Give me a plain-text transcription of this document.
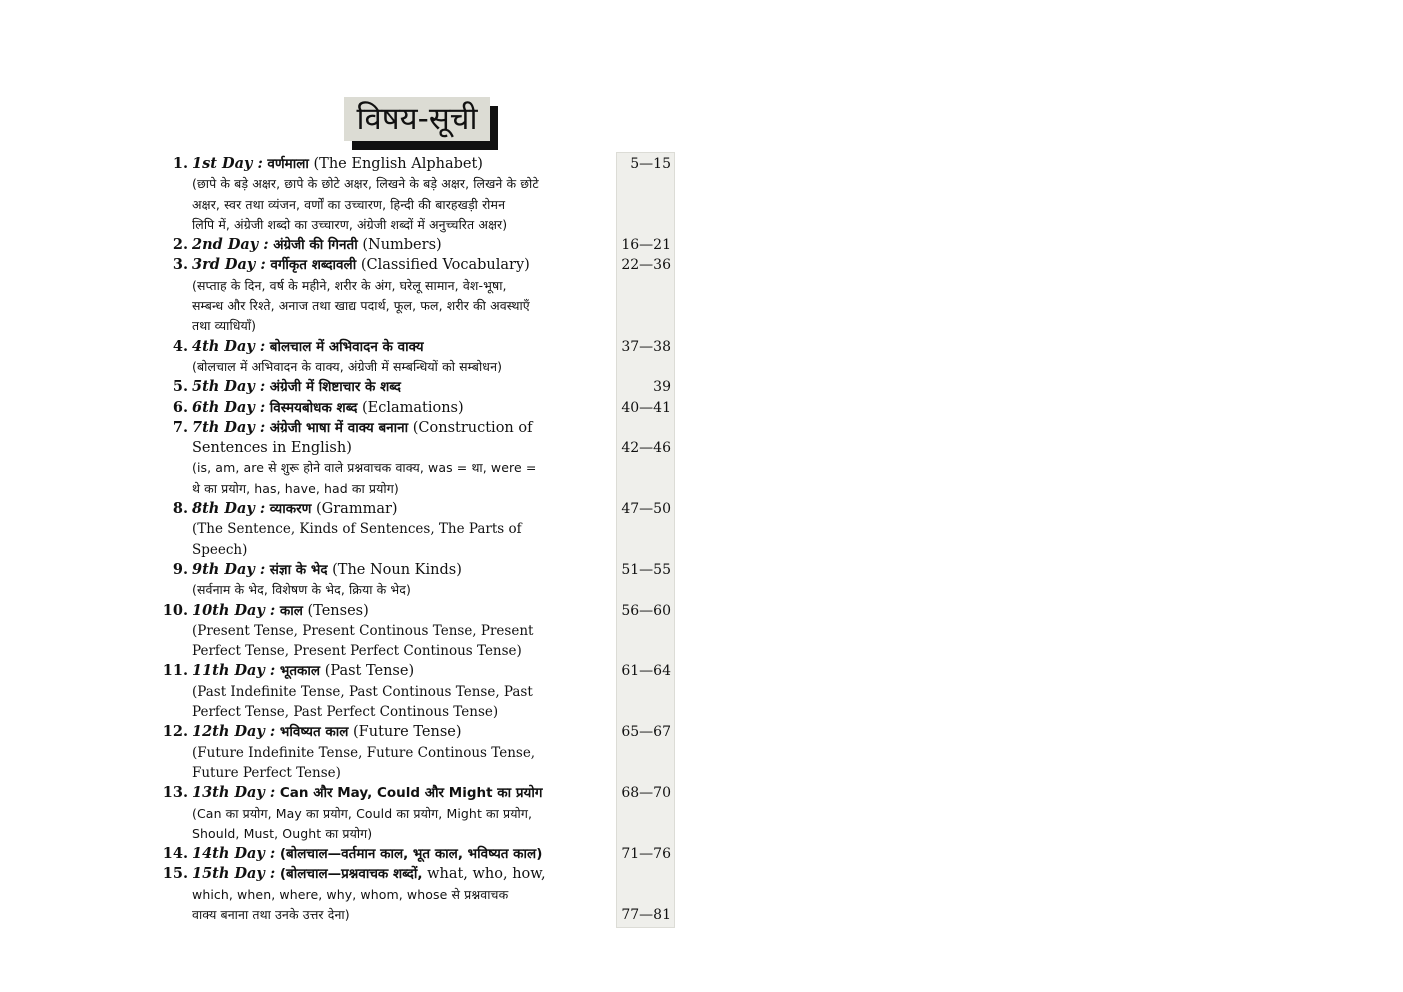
विषय-सूची
1. 1st Day : वर्णमाला (The English Alphabet)	5—15
(छापे के बड़े अक्षर, छापे के छोटे अक्षर, लिखने के बड़े अक्षर, लिखने के छोटे
अक्षर, स्वर तथा व्यंजन, वर्णों का उच्चारण, हिन्दी की बारहखड़ी रोमन
लिपि में, अंग्रेजी शब्दो का उच्चारण, अंग्रेजी शब्दों में अनुच्चरित अक्षर)
2. 2nd Day : अंग्रेजी की गिनती (Numbers)	16—21
3. 3rd Day : वर्गीकृत शब्दावली (Classified Vocabulary)	22—36
(सप्ताह के दिन, वर्ष के महीने, शरीर के अंग, घरेलू सामान, वेश-भूषा,
सम्बन्ध और रिश्ते, अनाज तथा खाद्य पदार्थ, फूल, फल, शरीर की अवस्थाएँ
तथा व्याधियाँ)
4. 4th Day : बोलचाल में अभिवादन के वाक्य	37—38
(बोलचाल में अभिवादन के वाक्य, अंग्रेजी में सम्बन्धियों को सम्बोधन)
5. 5th Day : अंग्रेजी में शिष्टाचार के शब्द	39
6. 6th Day : विस्मयबोधक शब्द (Eclamations)	40—41
7. 7th Day : अंग्रेजी भाषा में वाक्य बनाना (Construction of
Sentences in English)	42—46
(is, am, are से शुरू होने वाले प्रश्नवाचक वाक्य, was = था, were =
थे का प्रयोग, has, have, had का प्रयोग)
8. 8th Day : व्याकरण (Grammar)	47—50
(The Sentence, Kinds of Sentences, The Parts of
Speech)
9. 9th Day : संज्ञा के भेद (The Noun Kinds)	51—55
(सर्वनाम के भेद, विशेषण के भेद, क्रिया के भेद)
10. 10th Day : काल (Tenses)	56—60
(Present Tense, Present Continous Tense, Present
Perfect Tense, Present Perfect Continous Tense)
11. 11th Day : भूतकाल (Past Tense)	61—64
(Past Indefinite Tense, Past Continous Tense, Past
Perfect Tense, Past Perfect Continous Tense)
12. 12th Day : भविष्यत काल (Future Tense)	65—67
(Future Indefinite Tense, Future Continous Tense,
Future Perfect Tense)
13. 13th Day : Can और May, Could और Might का प्रयोग	68—70
(Can का प्रयोग, May का प्रयोग, Could का प्रयोग, Might का प्रयोग,
Should, Must, Ought का प्रयोग)
14. 14th Day : (बोलचाल—वर्तमान काल, भूत काल, भविष्यत काल)	71—76
15. 15th Day : (बोलचाल—प्रश्नवाचक शब्दों, what, who, how,
which, when, where, why, whom, whose से प्रश्नवाचक
वाक्य बनाना तथा उनके उत्तर देना)	77—81
